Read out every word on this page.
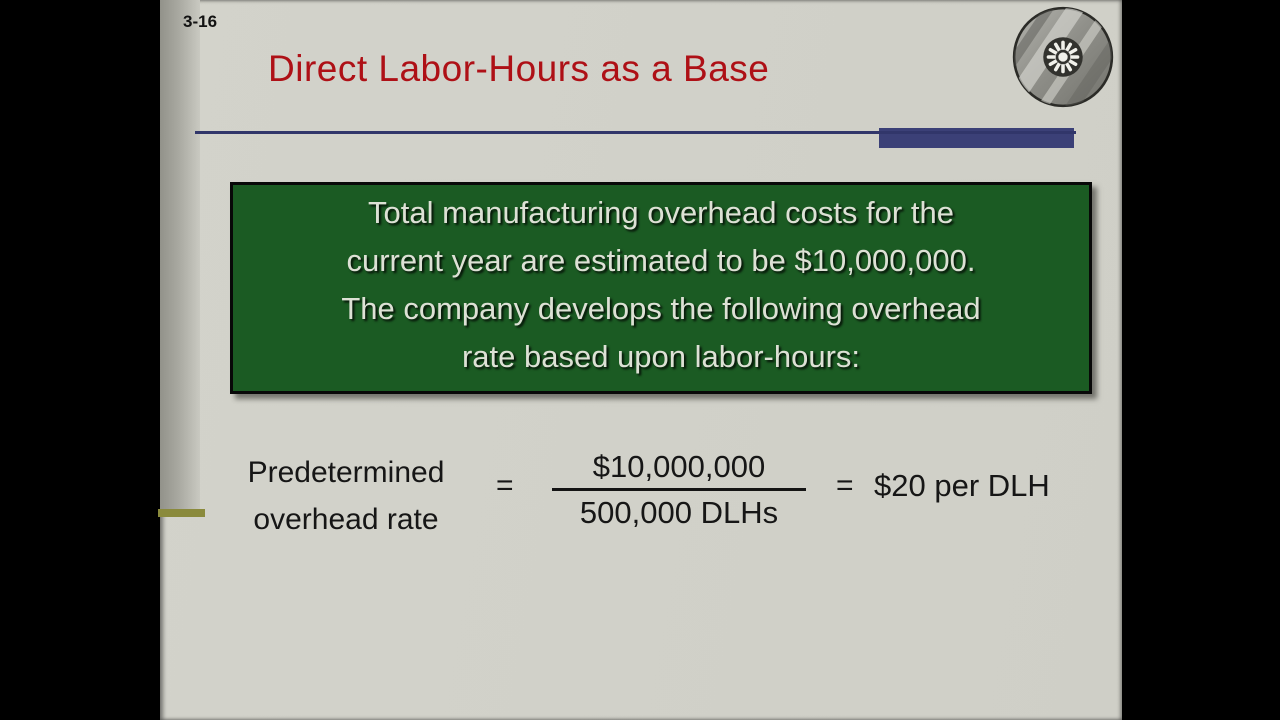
3-16
Direct Labor-Hours as a Base
Total manufacturing overhead costs for the
current year are estimated to be $10,000,000.
The company develops the following overhead
rate based upon labor-hours:
Predetermined
overhead rate
=
$10,000,000
500,000 DLHs
= $20 per DLH
